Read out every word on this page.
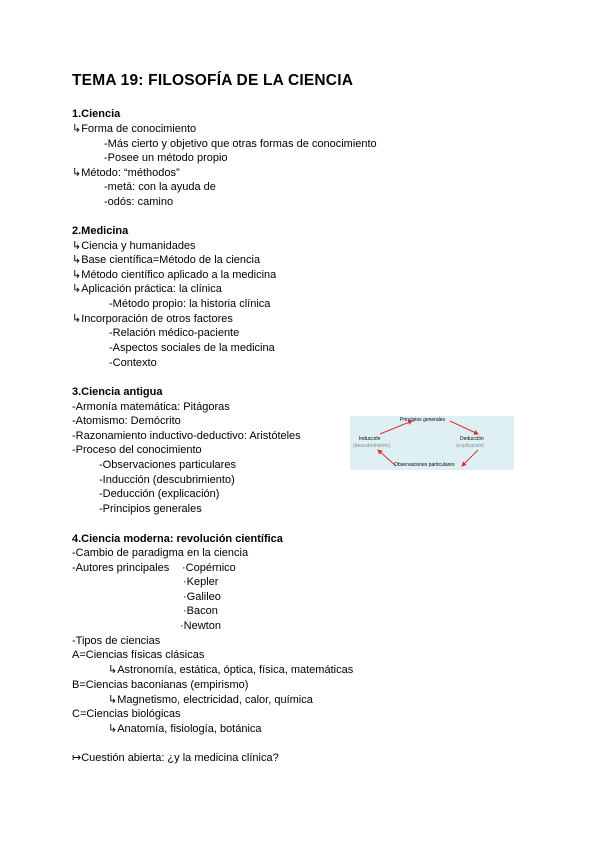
TEMA 19: FILOSOFÍA DE LA CIENCIA
1.Ciencia
↳Forma de conocimiento
-Más cierto y objetivo que otras formas de conocimiento
-Posee un método propio
↳Método: “méthodos”
-metá: con la ayuda de
-odós: camino
2.Medicina
↳Ciencia y humanidades
↳Base científica=Método de la ciencia
↳Método científico aplicado a la medicina
↳Aplicación práctica: la clínica
-Método propio: la historia clínica
↳Incorporación de otros factores
-Relación médico-paciente
-Aspectos sociales de la medicina
-Contexto
3.Ciencia antigua
-Armonía matemática: Pitágoras
-Atomismo: Demócrito
-Razonamiento inductivo-deductivo: Aristóteles
-Proceso del conocimiento
-Observaciones particulares
-Inducción (descubrimiento)
-Deducción (explicación)
-Principios generales
Principios generales
Inducción
(descubrimiento)
Deducción
(explicación)
Observaciones particulares
4.Ciencia moderna: revolución científica
-Cambio de paradigma en la ciencia
-Autores principales ·Copérnico
·Kepler
·Galileo
·Bacon
·Newton
-Tipos de ciencias
A=Ciencias físicas clásicas
↳Astronomía, estática, óptica, física, matemáticas
B=Ciencias baconianas (empirismo)
↳Magnetismo, electricidad, calor, química
C=Ciencias biológicas
↳Anatomía, fisiología, botánica
↦Cuestión abierta: ¿y la medicina clínica?
